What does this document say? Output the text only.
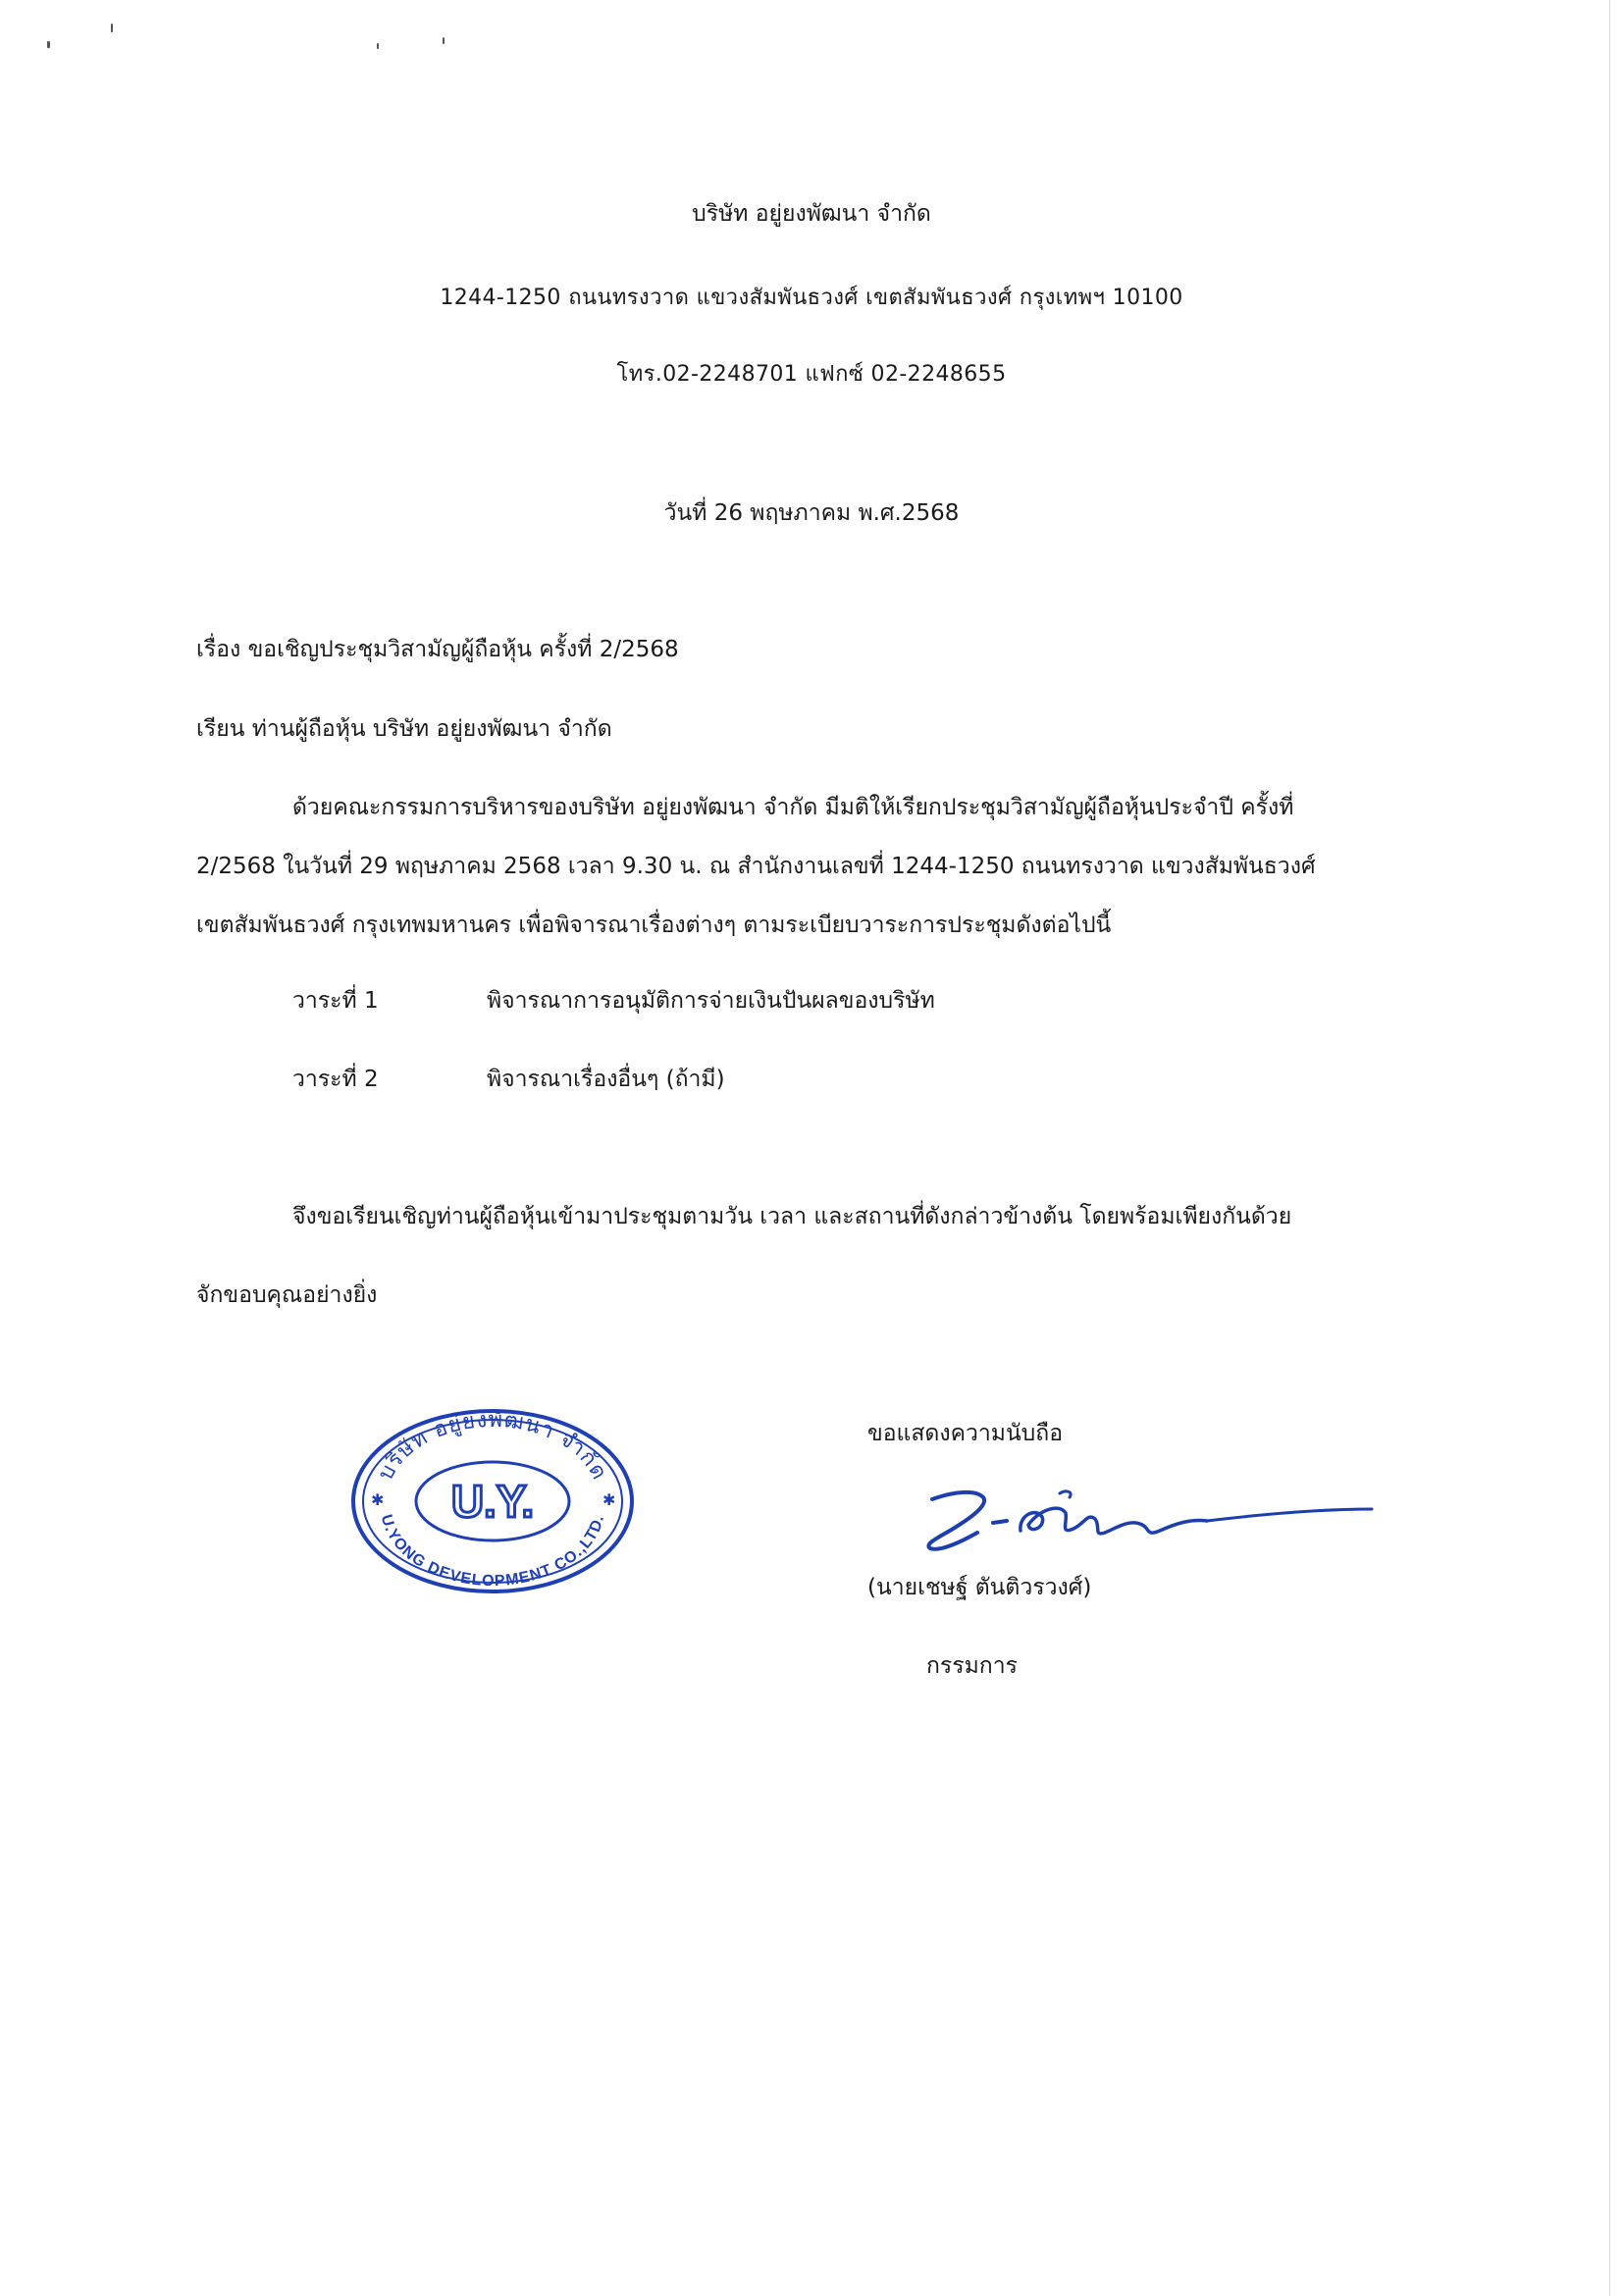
บริษัท อยู่ยงพัฒนา จำกัด
1244-1250 ถนนทรงวาด แขวงสัมพันธวงศ์ เขตสัมพันธวงศ์ กรุงเทพฯ 10100
โทร.02-2248701 แฟกซ์ 02-2248655
วันที่ 26 พฤษภาคม พ.ศ.2568
เรื่อง ขอเชิญประชุมวิสามัญผู้ถือหุ้น ครั้งที่ 2/2568
เรียน ท่านผู้ถือหุ้น บริษัท อยู่ยงพัฒนา จำกัด
ด้วยคณะกรรมการบริหารของบริษัท อยู่ยงพัฒนา จำกัด มีมติให้เรียกประชุมวิสามัญผู้ถือหุ้นประจำปี ครั้งที่
2/2568 ในวันที่ 29 พฤษภาคม 2568 เวลา 9.30 น. ณ สำนักงานเลขที่ 1244-1250 ถนนทรงวาด แขวงสัมพันธวงศ์
เขตสัมพันธวงศ์ กรุงเทพมหานคร เพื่อพิจารณาเรื่องต่างๆ ตามระเบียบวาระการประชุมดังต่อไปนี้
วาระที่ 1	พิจารณาการอนุมัติการจ่ายเงินปันผลของบริษัท
วาระที่ 2	พิจารณาเรื่องอื่นๆ (ถ้ามี)
จึงขอเรียนเชิญท่านผู้ถือหุ้นเข้ามาประชุมตามวัน เวลา และสถานที่ดังกล่าวข้างต้น โดยพร้อมเพียงกันด้วย
จักขอบคุณอย่างยิ่ง
บริษัท อยู่ยงพัฒนา จำกัด
U.Y.
U.YONG DEVELOPMENT CO.,LTD.
✱	✱
ขอแสดงความนับถือ
(นายเชษฐ์ ตันติวรวงศ์)
กรรมการ
